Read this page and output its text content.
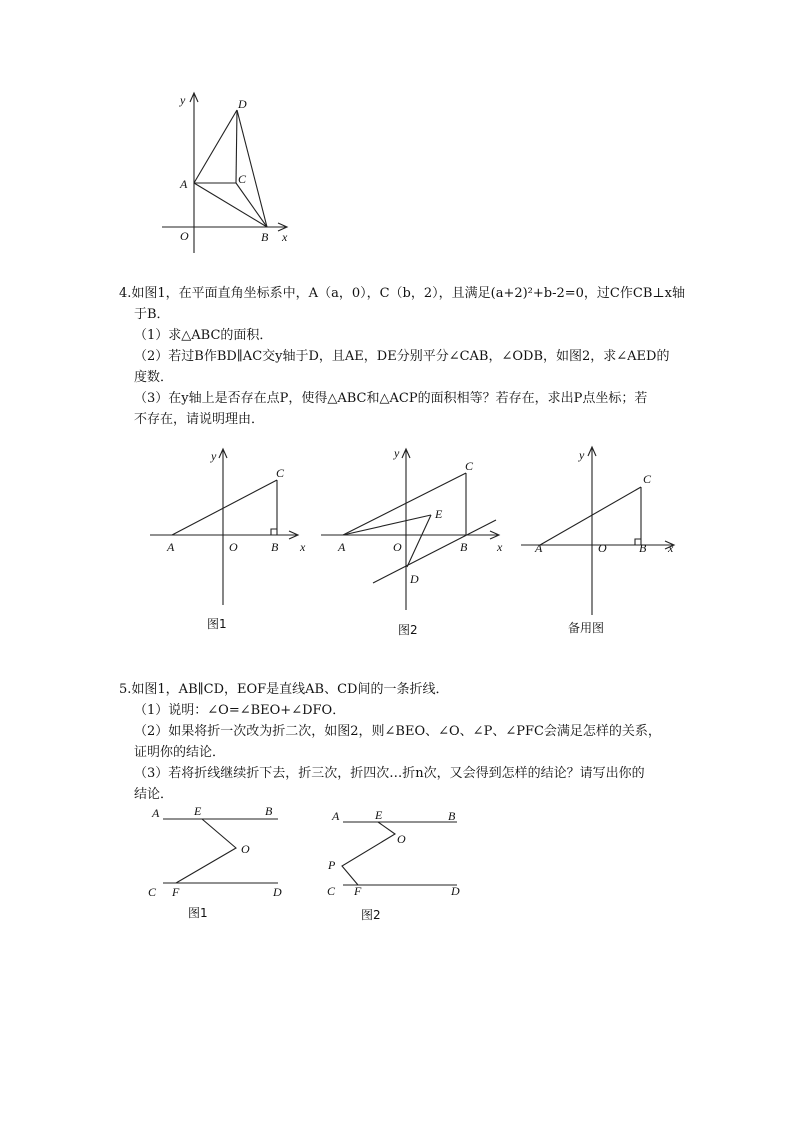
y	D
C
A
O	B x
4.如图1，在平面直角坐标系中，A（a，0），C（b，2），且满足(a+2)²+b-2=0，过C作CB⊥x轴
于B．
（1）求△ABC的面积．
（2）若过B作BD∥AC交y轴于D，且AE，DE分别平分∠CAB，∠ODB，如图2，求∠AED的
度数．
（3）在y轴上是否存在点P，使得△ABC和△ACP的面积相等？若存在，求出P点坐标；若
不存在，请说明理由．
y
C
A	O	B x
图1
y
C
E
A	O	B x
D
图2
y
C
A	O	B x
备用图
5.如图1，AB∥CD，EOF是直线AB、CD间的一条折线．
（1）说明：∠O=∠BEO+∠DFO．
（2）如果将折一次改为折二次，如图2，则∠BEO、∠O、∠P、∠PFC会满足怎样的关系，
证明你的结论．
（3）若将折线继续折下去，折三次，折四次…折n次，又会得到怎样的结论？请写出你的
结论．
A	E	B
O
C F	D
图1
A	E	B
O
P
C F	D
图2
